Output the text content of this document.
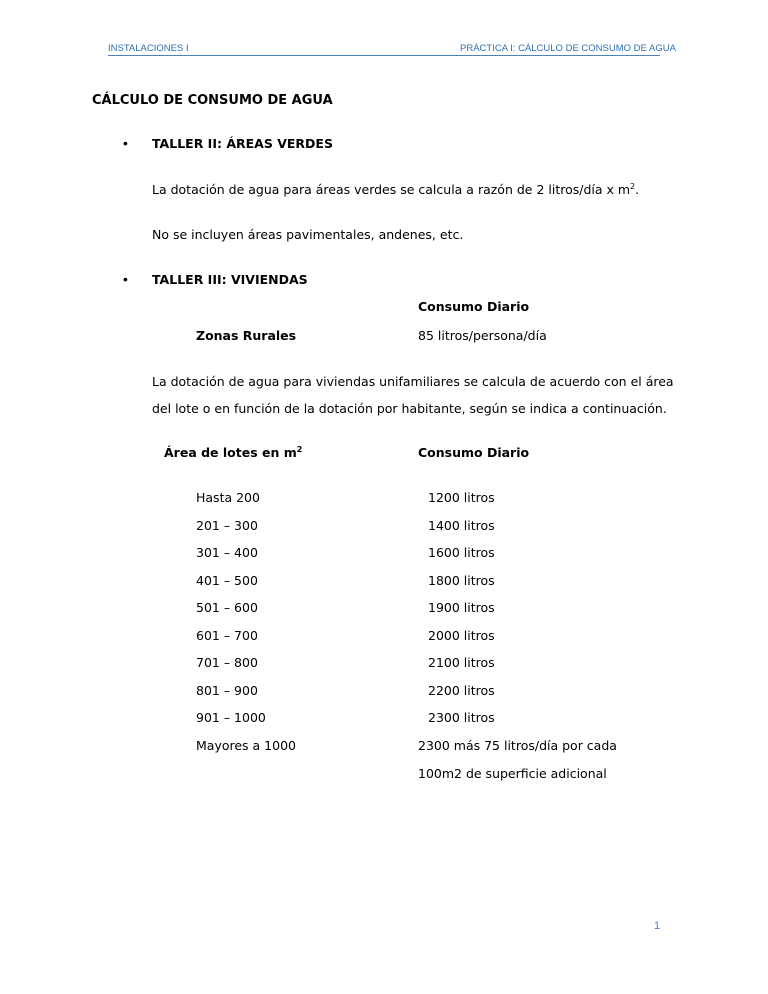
INSTALACIONES I	PRÁCTICA I: CÁLCULO DE CONSUMO DE AGUA
CÁLCULO DE CONSUMO DE AGUA
• TALLER II: ÁREAS VERDES
La dotación de agua para áreas verdes se calcula a razón de 2 litros/día x $m^2$.
No se incluyen áreas pavimentales, andenes, etc.
• TALLER III: VIVIENDAS
Consumo Diario
Zonas Rurales	85 litros/persona/día
La dotación de agua para viviendas unifamiliares se calcula de acuerdo con el área
del lote o en función de la dotación por habitante, según se indica a continuación.
Área de lotes en $m^2$	Consumo Diario
Hasta 200	1200 litros
201 – 300	1400 litros
301 – 400	1600 litros
401 – 500	1800 litros
501 – 600	1900 litros
601 – 700	2000 litros
701 – 800	2100 litros
801 – 900	2200 litros
901 – 1000	2300 litros
Mayores a 1000	2300 más 75 litros/día por cada
100m2 de superficie adicional
1
